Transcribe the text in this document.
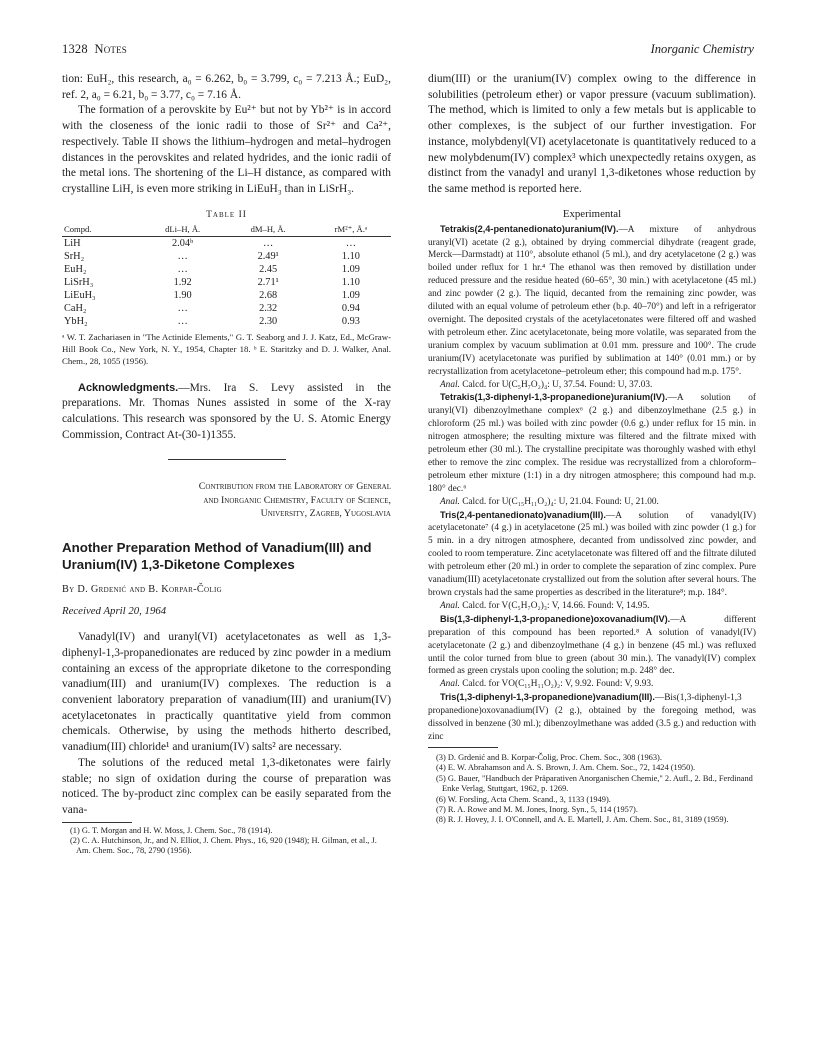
1328 Notes	Inorganic Chemistry

tion: EuH₂, this research, a₀ = 6.262, b₀ = 3.799, c₀ = 7.213 Å.; EuD₂, ref. 2, a₀ = 6.21, b₀ = 3.77, c₀ = 7.16 Å.

The formation of a perovskite by Eu²⁺ but not by Yb²⁺ is in accord with the closeness of the ionic radii to those of Sr²⁺ and Ca²⁺, respectively. Table II shows the lithium–hydrogen and metal–hydrogen distances in the perovskites and related hydrides, and the ionic radii of the metal ions. The shortening of the Li–H distance, as compared with crystalline LiH, is even more striking in LiEuH₃ than in LiSrH₃.

Table II
Compd.	dLi–H, Å.	dM–H, Å.	rM²⁺, Å.ᵃ
LiH	2.04ᵇ	…	…
SrH₂	…	2.49¹	1.10
EuH₂	…	2.45	1.09
LiSrH₃	1.92	2.71¹	1.10
LiEuH₃	1.90	2.68	1.09
CaH₂	…	2.32	0.94
YbH₂	…	2.30	0.93
ᵃ W. T. Zachariasen in "The Actinide Elements," G. T. Seaborg and J. J. Katz, Ed., McGraw-Hill Book Co., New York, N. Y., 1954, Chapter 18. ᵇ E. Staritzky and D. J. Walker, Anal. Chem., 28, 1055 (1956).

Acknowledgments.—Mrs. Ira S. Levy assisted in the preparations. Mr. Thomas Nunes assisted in some of the X-ray calculations. This research was sponsored by the U. S. Atomic Energy Commission, Contract At-(30-1)1355.

Contribution from the Laboratory of General
and Inorganic Chemistry, Faculty of Science,
University, Zagreb, Yugoslavia
Another Preparation Method of Vanadium(III) and Uranium(IV) 1,3-Diketone Complexes
By D. Grdenić and B. Korpar-Čolig
Received April 20, 1964

Vanadyl(IV) and uranyl(VI) acetylacetonates as well as 1,3-diphenyl-1,3-propanedionates are reduced by zinc powder in a medium containing an excess of the appropriate diketone to the corresponding vanadium(III) and uranium(IV) complexes. The reduction is a convenient laboratory preparation of vanadium(III) and uranium(IV) acetylacetonates in practically quantitative yield from common chemicals. Otherwise, by using the methods hitherto described, vanadium(III) chloride¹ and uranium(IV) salts² are necessary.

The solutions of the reduced metal 1,3-diketonates were fairly stable; no sign of oxidation during the course of preparation was noticed. The by-product zinc complex can be easily separated from the vana-

(1) G. T. Morgan and H. W. Moss, J. Chem. Soc., 78 (1914).

(2) C. A. Hutchinson, Jr., and N. Elliot, J. Chem. Phys., 16, 920 (1948); H. Gilman, et al., J. Am. Chem. Soc., 78, 2790 (1956).

dium(III) or the uranium(IV) complex owing to the difference in solubilities (petroleum ether) or vapor pressure (vacuum sublimation). The method, which is limited to only a few metals but is applicable to other complexes, is the subject of our further investigation. For instance, molybdenyl(VI) acetylacetonate is quantitatively reduced to a new molybdenum(IV) complex³ which unexpectedly retains oxygen, as distinct from the vanadyl and uranyl 1,3-diketones whose reduction by the same method is reported here.

Experimental

Tetrakis(2,4-pentanedionato)uranium(IV).—A mixture of anhydrous uranyl(VI) acetate (2 g.), obtained by drying commercial dihydrate (reagent grade, Merck—Darmstadt) at 110°, absolute ethanol (5 ml.), and dry acetylacetone (2 g.) was boiled under reflux for 1 hr.⁴ The ethanol was then removed by distillation under reduced pressure and the residue heated (60–65°, 30 min.) with acetylacetone (45 ml.) and zinc powder (2 g.). The liquid, decanted from the remaining zinc powder, was diluted with an equal volume of petroleum ether (b.p. 40–70°) and left in a refrigerator overnight. The deposited crystals of the acetylacetonates were filtered off and washed with petroleum ether. Zinc acetylacetonate, being more volatile, was separated from the uranium complex by vacuum sublimation at 0.01 mm. pressure and 100°. The crude uranium(IV) acetylacetonate was purified by sublimation at 140° (0.01 mm.) or by recrystallization from acetylacetone–petroleum ether; this compound had m.p. 175°.

Anal. Calcd. for U(C₅H₇O₂)₄: U, 37.54. Found: U, 37.03.

Tetrakis(1,3-diphenyl-1,3-propanedione)uranium(IV).—A solution of uranyl(VI) dibenzoylmethane complex⁶ (2 g.) and dibenzoylmethane (2.5 g.) in chloroform (25 ml.) was boiled with zinc powder (0.6 g.) under reflux for 15 min. in nitrogen atmosphere; the resulting mixture was filtered and the filtrate mixed with petroleum ether (30 ml.). The crystalline precipitate was thoroughly washed with ethyl ether to remove the zinc complex. The residue was recrystallized from a chloroform–petroleum ether mixture (1:1) in a dry nitrogen atmosphere; this compound had m.p. 180° dec.⁶

Anal. Calcd. for U(C₁₅H₁₁O₂)₄: U, 21.04. Found: U, 21.00.

Tris(2,4-pentanedionato)vanadium(III).—A solution of vanadyl(IV) acetylacetonate⁷ (4 g.) in acetylacetone (25 ml.) was boiled with zinc powder (1 g.) for 5 min. in a dry nitrogen atmosphere, decanted from undissolved zinc powder, and cooled to room temperature. Zinc acetylacetonate was filtered off and the filtrate diluted with petroleum ether (20 ml.) in order to complete the separation of zinc complex. Pure vanadium(III) acetylacetonate crystallized out from the solution after several hours. The brown crystals had the same properties as described in the literature⁸; m.p. 184°.

Anal. Calcd. for V(C₅H₇O₂)₃: V, 14.66. Found: V, 14.95.

Bis(1,3-diphenyl-1,3-propanedione)oxovanadium(IV).—A different preparation of this compound has been reported.⁸ A solution of vanadyl(IV) acetylacetonate (2 g.) and dibenzoylmethane (4 g.) in benzene (45 ml.) was refluxed until the color turned from blue to green (about 30 min.). The vanadyl(IV) complex formed as green crystals upon cooling the solution; m.p. 248° dec.

Anal. Calcd. for VO(C₁₅H₁₁O₂)₂: V, 9.92. Found: V, 9.93.

Tris(1,3-diphenyl-1,3-propanedione)vanadium(III).—Bis(1,3-diphenyl-1,3 propanedione)oxovanadium(IV) (2 g.), obtained by the foregoing method, was dissolved in benzene (30 ml.); dibenzoylmethane was added (3.5 g.) and reduction with zinc

(3) D. Grdenić and B. Korpar-Čolig, Proc. Chem. Soc., 308 (1963).

(4) E. W. Abrahamson and A. S. Brown, J. Am. Chem. Soc., 72, 1424 (1950).

(5) G. Bauer, "Handbuch der Präparativen Anorganischen Chemie," 2. Aufl., 2. Bd., Ferdinand Enke Verlag, Stuttgart, 1962, p. 1269.

(6) W. Forsling, Acta Chem. Scand., 3, 1133 (1949).

(7) R. A. Rowe and M. M. Jones, Inorg. Syn., 5, 114 (1957).

(8) R. J. Hovey, J. I. O'Connell, and A. E. Martell, J. Am. Chem. Soc., 81, 3189 (1959).
